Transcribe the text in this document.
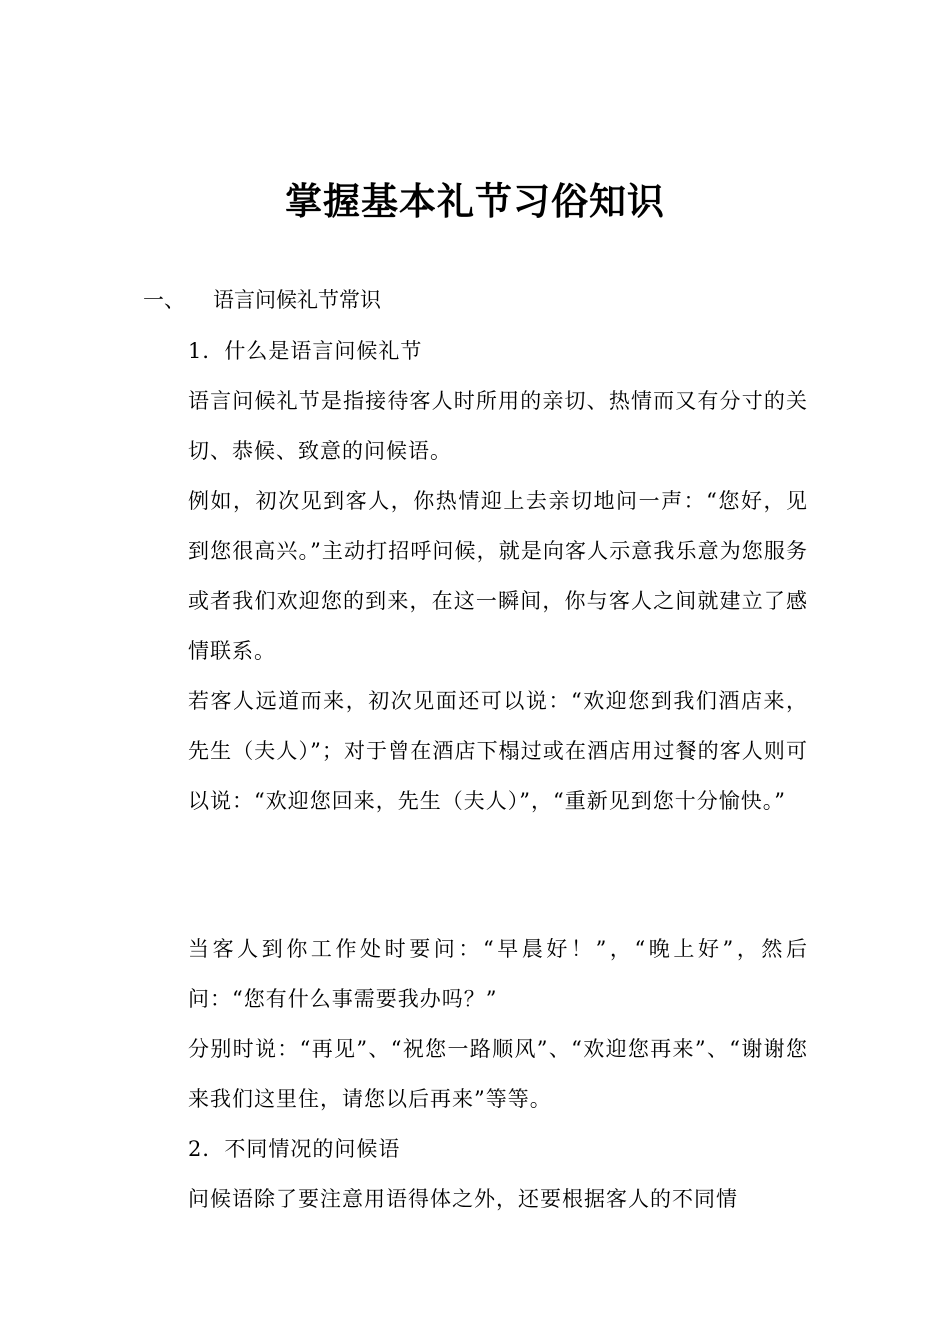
掌握基本礼节习俗知识
一、 语言问候礼节常识

1．什么是语言问候礼节

语言问候礼节是指接待客人时所用的亲切、热情而又有分寸的关切、恭候、致意的问候语。

例如，初次见到客人，你热情迎上去亲切地问一声：“您好，见到您很高兴。”主动打招呼问候，就是向客人示意我乐意为您服务或者我们欢迎您的到来，在这一瞬间，你与客人之间就建立了感情联系。

若客人远道而来，初次见面还可以说：“欢迎您到我们酒店来，先生（夫人）”；对于曾在酒店下榻过或在酒店用过餐的客人则可以说：“欢迎您回来，先生（夫人）”，“重新见到您十分愉快。”

当客人到你工作处时要问：“早晨好！”，“晚上好”，然后问：“您有什么事需要我办吗？”

分别时说：“再见”、“祝您一路顺风”、“欢迎您再来”、“谢谢您来我们这里住，请您以后再来”等等。

2．不同情况的问候语

问候语除了要注意用语得体之外，还要根据客人的不同情
